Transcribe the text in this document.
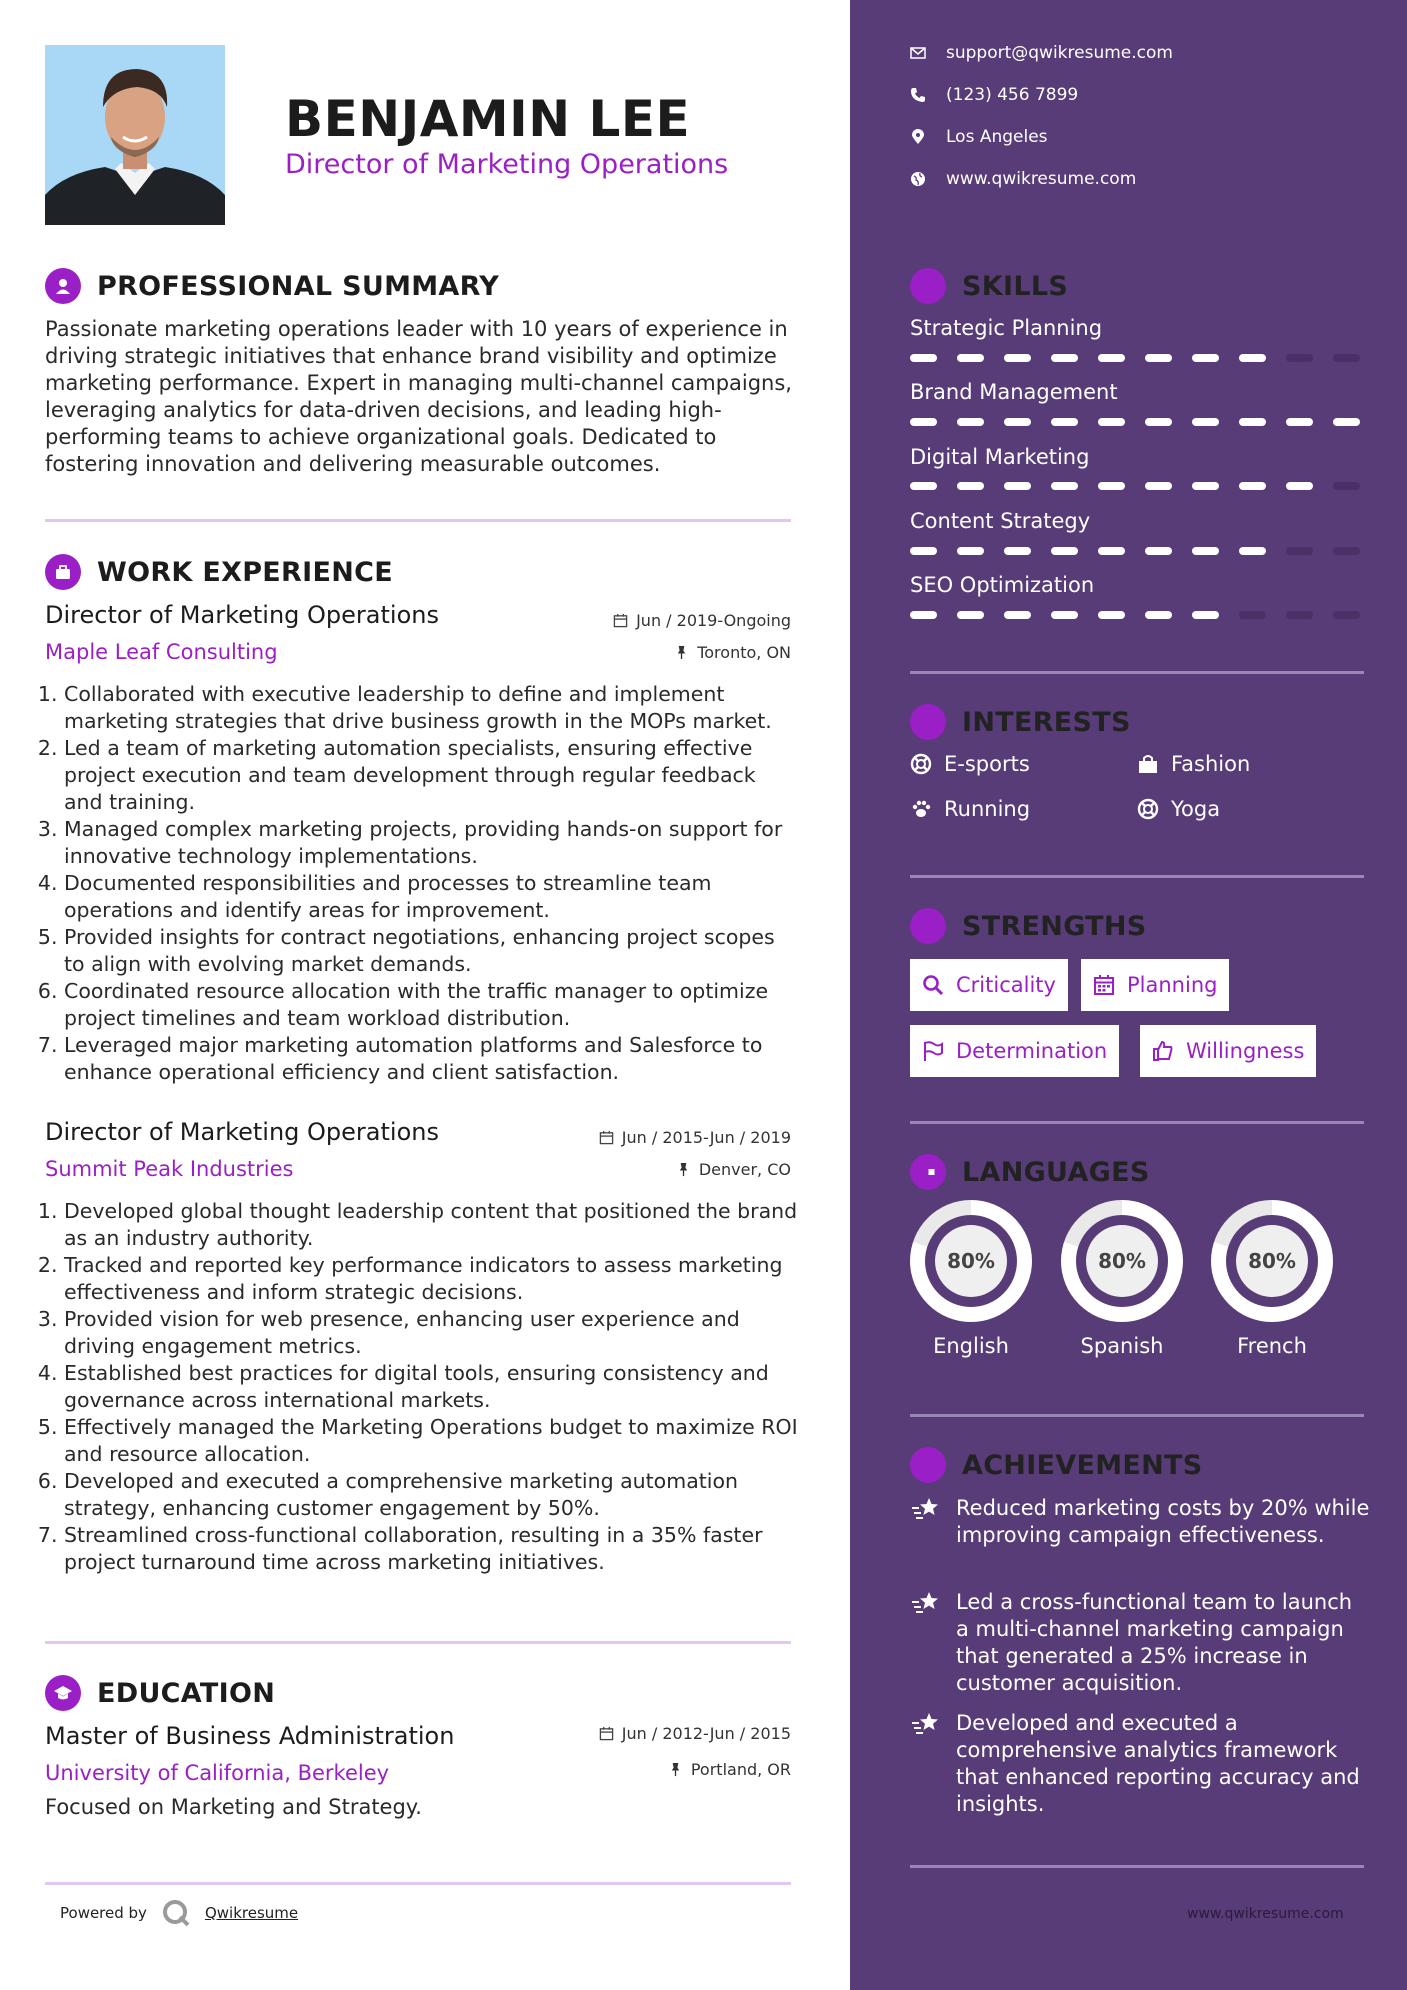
BENJAMIN LEE
Director of Marketing Operations
PROFESSIONAL SUMMARY

Passionate marketing operations leader with 10 years of experience in driving strategic initiatives that enhance brand visibility and optimize marketing performance. Expert in managing multi-channel campaigns, leveraging analytics for data-driven decisions, and leading high-performing teams to achieve organizational goals. Dedicated to fostering innovation and delivering measurable outcomes.

WORK EXPERIENCE
Director of Marketing Operations	Jun / 2019-Ongoing
Maple Leaf Consulting	Toronto, ON
1. Collaborated with executive leadership to define and implement marketing strategies that drive business growth in the MOPs market.
2. Led a team of marketing automation specialists, ensuring effective project execution and team development through regular feedback and training.
3. Managed complex marketing projects, providing hands-on support for innovative technology implementations.
4. Documented responsibilities and processes to streamline team operations and identify areas for improvement.
5. Provided insights for contract negotiations, enhancing project scopes to align with evolving market demands.
6. Coordinated resource allocation with the traffic manager to optimize project timelines and team workload distribution.
7. Leveraged major marketing automation platforms and Salesforce to enhance operational efficiency and client satisfaction.
Director of Marketing Operations	Jun / 2015-Jun / 2019
Summit Peak Industries	Denver, CO
1. Developed global thought leadership content that positioned the brand as an industry authority.
2. Tracked and reported key performance indicators to assess marketing effectiveness and inform strategic decisions.
3. Provided vision for web presence, enhancing user experience and driving engagement metrics.
4. Established best practices for digital tools, ensuring consistency and governance across international markets.
5. Effectively managed the Marketing Operations budget to maximize ROI and resource allocation.
6. Developed and executed a comprehensive marketing automation strategy, enhancing customer engagement by 50%.
7. Streamlined cross-functional collaboration, resulting in a 35% faster project turnaround time across marketing initiatives.
EDUCATION
Master of Business Administration	Jun / 2012-Jun / 2015
University of California, Berkeley	Portland, OR
Focused on Marketing and Strategy.
Powered by	Qwikresume
support@qwikresume.com
(123) 456 7899
Los Angeles
www.qwikresume.com
SKILLS
Strategic Planning
Brand Management
Digital Marketing
Content Strategy
SEO Optimization
INTERESTS
E-sports	Fashion
Running	Yoga
STRENGTHS
Criticality	Planning
Determination	Willingness
LANGUAGES
80%
English
80%
Spanish
80%
French
ACHIEVEMENTS
Reduced marketing costs by 20% while improving campaign effectiveness.
Led a cross-functional team to launch a multi-channel marketing campaign that generated a 25% increase in customer acquisition.
Developed and executed a comprehensive analytics framework that enhanced reporting accuracy and insights.
www.qwikresume.com
